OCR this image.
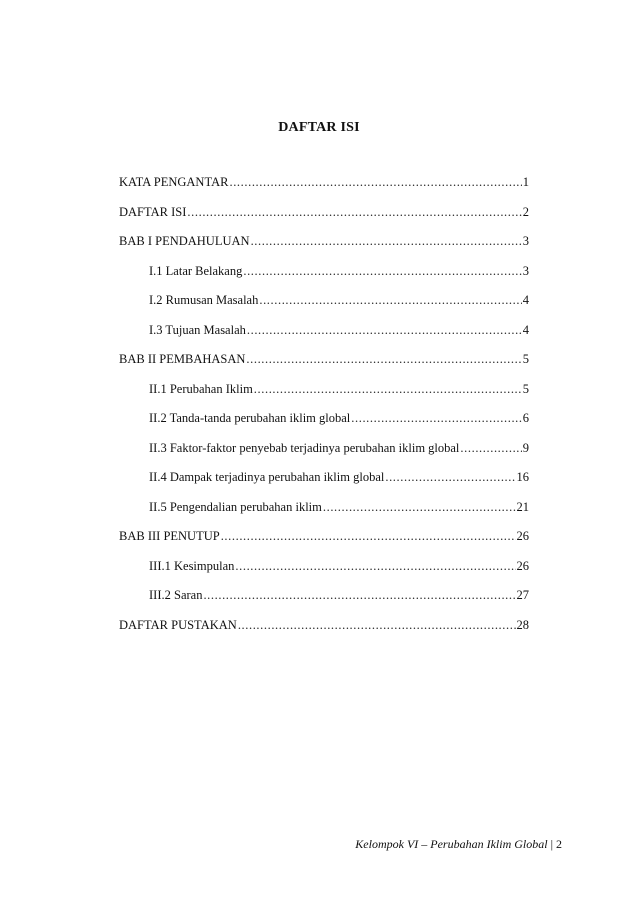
DAFTAR ISI
KATA PENGANTAR .....	1
DAFTAR ISI .....	2
BAB I PENDAHULUAN .....	3
I.1 Latar Belakang .....	3
I.2 Rumusan Masalah .....	4
I.3 Tujuan Masalah .....	4
BAB II PEMBAHASAN .....	5
II.1 Perubahan Iklim .....	5
II.2 Tanda-tanda perubahan iklim global .....	6
II.3 Faktor-faktor penyebab terjadinya perubahan iklim global .....	9
II.4 Dampak terjadinya perubahan iklim global .....	16
II.5 Pengendalian perubahan iklim .....	21
BAB III PENUTUP .....	26
III.1 Kesimpulan .....	26
III.2 Saran .....	27
DAFTAR PUSTAKAN .....	28
Kelompok VI – Perubahan Iklim Global | 2
